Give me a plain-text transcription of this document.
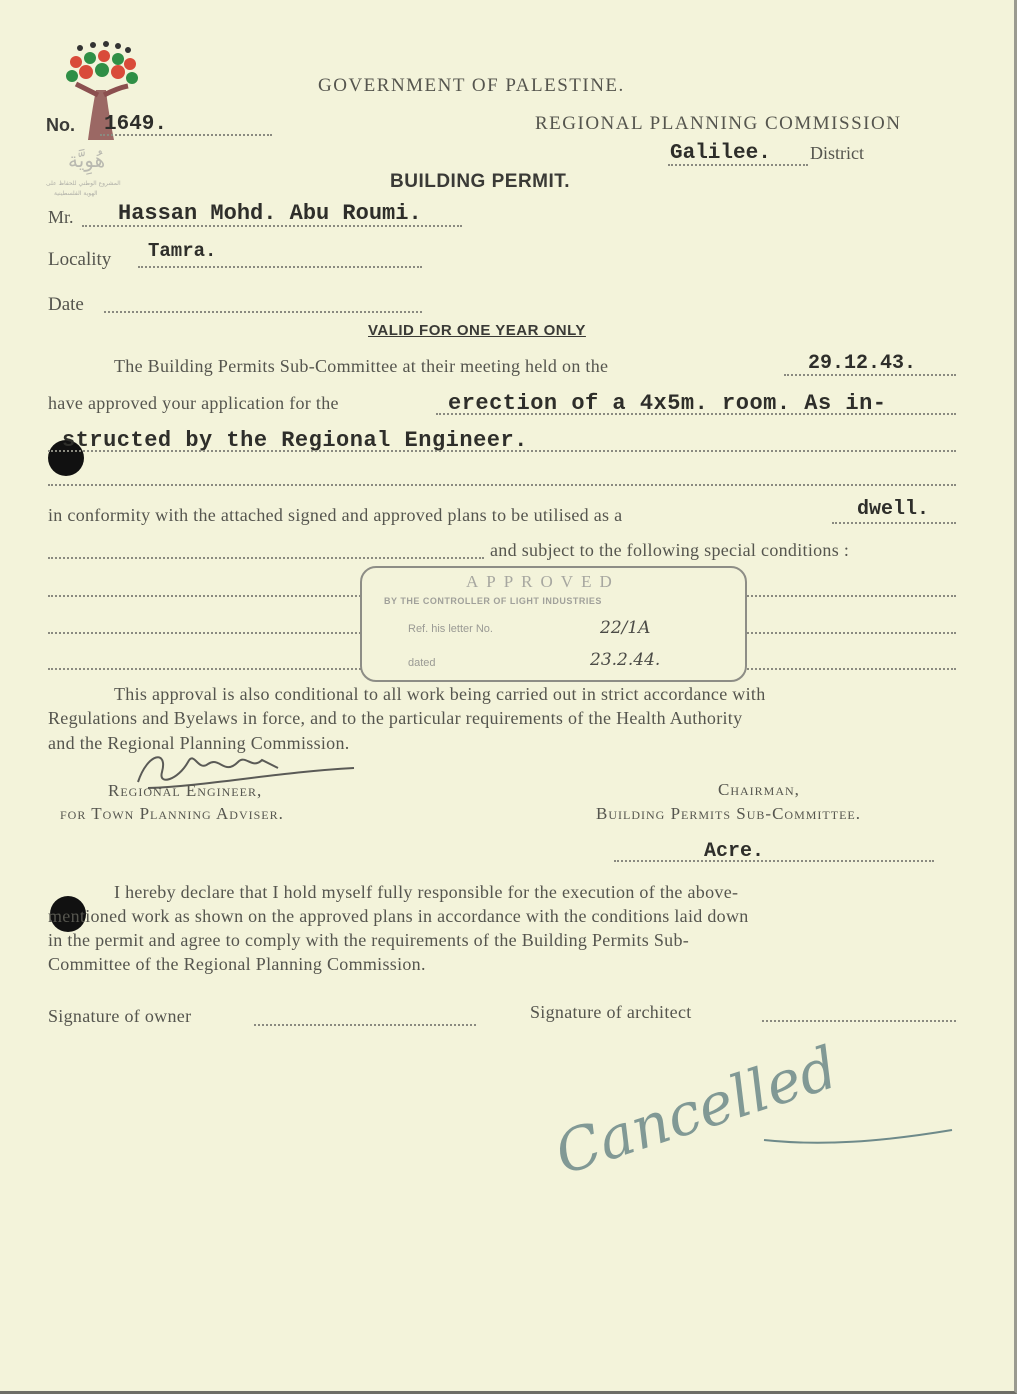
هُوِيَّة
المشروع الوطني للحفاظ على
الهوية الفلسطينية
GOVERNMENT OF PALESTINE.
REGIONAL PLANNING COMMISSION
Galilee. District
No. 1649.
BUILDING PERMIT.
Mr. Hassan Mohd. Abu Roumi.
Locality Tamra.
Date
VALID FOR ONE YEAR ONLY
The Building Permits Sub-Committee at their meeting held on the	29.12.43.
have approved your application for the	erection of a 4x5m. room. As in-
structed by the Regional Engineer.
in conformity with the attached signed and approved plans to be utilised as a	dwell.
and subject to the following special conditions :
APPROVED
BY THE CONTROLLER OF LIGHT INDUSTRIES
Ref. his letter No.	22/1A
dated	23.2.44.
This approval is also conditional to all work being carried out in strict accordance with
Regulations and Byelaws in force, and to the particular requirements of the Health Authority
and the Regional Planning Commission.
Regional Engineer,
for Town Planning Adviser.
Chairman,
Building Permits Sub-Committee.
Acre.
I hereby declare that I hold myself fully responsible for the execution of the above-
mentioned work as shown on the approved plans in accordance with the conditions laid down
in the permit and agree to comply with the requirements of the Building Permits Sub-
Committee of the Regional Planning Commission.
Signature of owner	Signature of architect
Cancelled
